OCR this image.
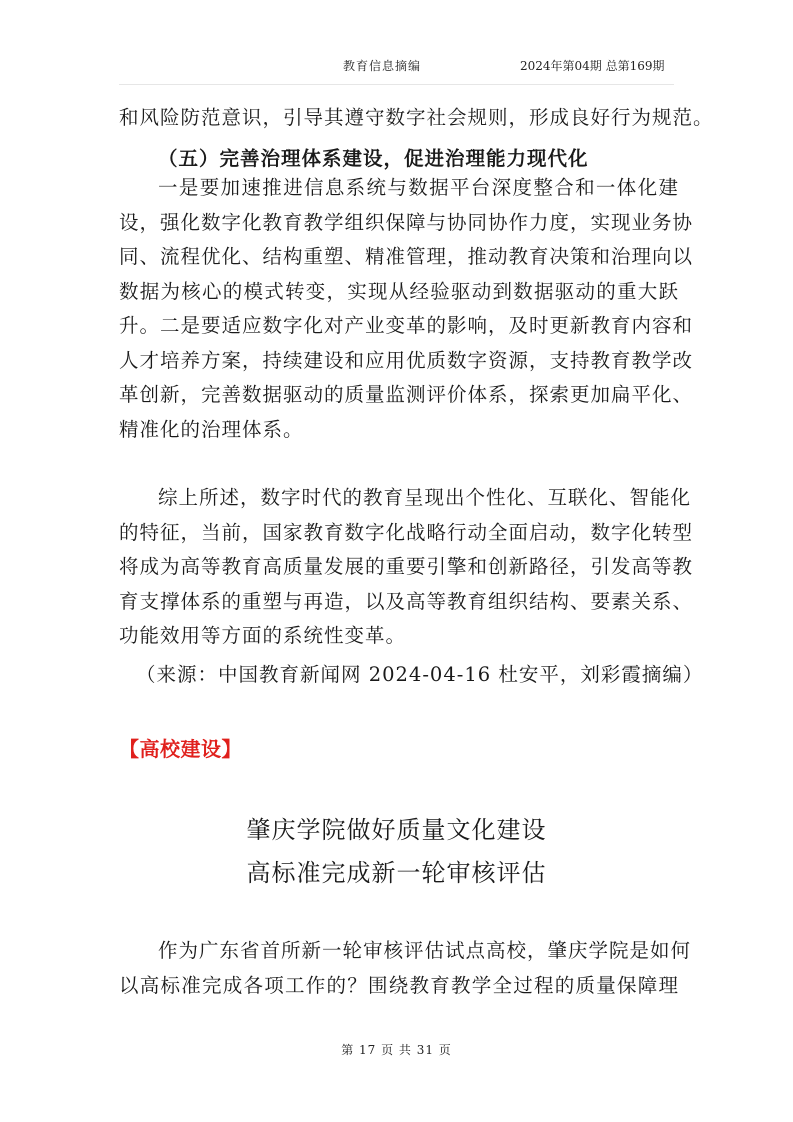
教育信息摘编	2024年第04期 总第169期
和风险防范意识，引导其遵守数字社会规则，形成良好行为规范。
（五）完善治理体系建设，促进治理能力现代化
一是要加速推进信息系统与数据平台深度整合和一体化建
设，强化数字化教育教学组织保障与协同协作力度，实现业务协
同、流程优化、结构重塑、精准管理，推动教育决策和治理向以
数据为核心的模式转变，实现从经验驱动到数据驱动的重大跃
升。二是要适应数字化对产业变革的影响，及时更新教育内容和
人才培养方案，持续建设和应用优质数字资源，支持教育教学改
革创新，完善数据驱动的质量监测评价体系，探索更加扁平化、
精准化的治理体系。
综上所述，数字时代的教育呈现出个性化、互联化、智能化
的特征，当前，国家教育数字化战略行动全面启动，数字化转型
将成为高等教育高质量发展的重要引擎和创新路径，引发高等教
育支撑体系的重塑与再造，以及高等教育组织结构、要素关系、
功能效用等方面的系统性变革。

（来源：中国教育新闻网 2024-04-16 杜安平，刘彩霞摘编）

【高校建设】

肇庆学院做好质量文化建设
高标准完成新一轮审核评估
作为广东省首所新一轮审核评估试点高校，肇庆学院是如何
以高标准完成各项工作的？围绕教育教学全过程的质量保障理
第 17 页 共 31 页
